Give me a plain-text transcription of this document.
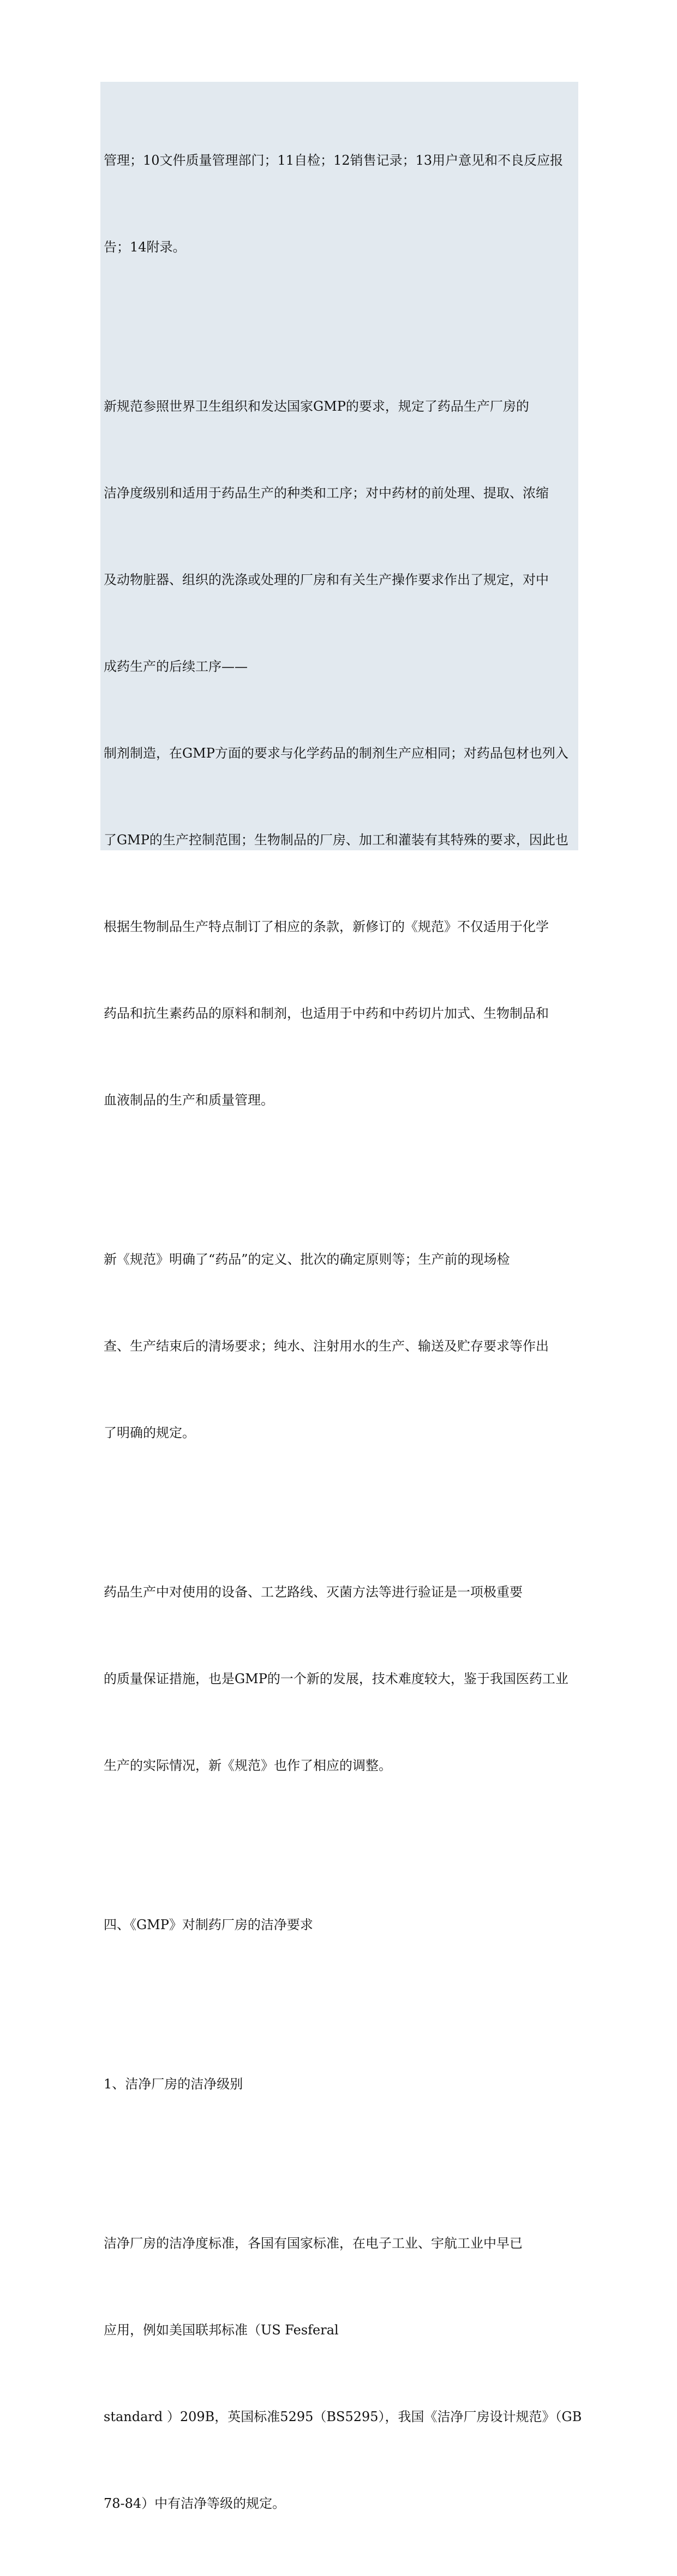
管理；10文件质量管理部门；11自检；12销售记录；13用户意见和不良反应报

告；14附录。

新规范参照世界卫生组织和发达国家GMP的要求，规定了药品生产厂房的

洁净度级别和适用于药品生产的种类和工序；对中药材的前处理、提取、浓缩

及动物脏器、组织的洗涤或处理的厂房和有关生产操作要求作出了规定，对中

成药生产的后续工序——

制剂制造，在GMP方面的要求与化学药品的制剂生产应相同；对药品包材也列入

了GMP的生产控制范围；生物制品的厂房、加工和灌装有其特殊的要求，因此也

根据生物制品生产特点制订了相应的条款，新修订的《规范》不仅适用于化学

药品和抗生素药品的原料和制剂，也适用于中药和中药切片加式、生物制品和

血液制品的生产和质量管理。

新《规范》明确了“药品”的定义、批次的确定原则等；生产前的现场检

查、生产结束后的清场要求；纯水、注射用水的生产、输送及贮存要求等作出

了明确的规定。

药品生产中对使用的设备、工艺路线、灭菌方法等进行验证是一项极重要

的质量保证措施，也是GMP的一个新的发展，技术难度较大，鉴于我国医药工业

生产的实际情况，新《规范》也作了相应的调整。

四、《GMP》对制药厂房的洁净要求

1、洁净厂房的洁净级别

洁净厂房的洁净度标准，各国有国家标准，在电子工业、宇航工业中早已

应用，例如美国联邦标准（US Fesferal

standard ）209B，英国标准5295（BS5295），我国《洁净厂房设计规范》（GB

78-84）中有洁净等级的规定。
